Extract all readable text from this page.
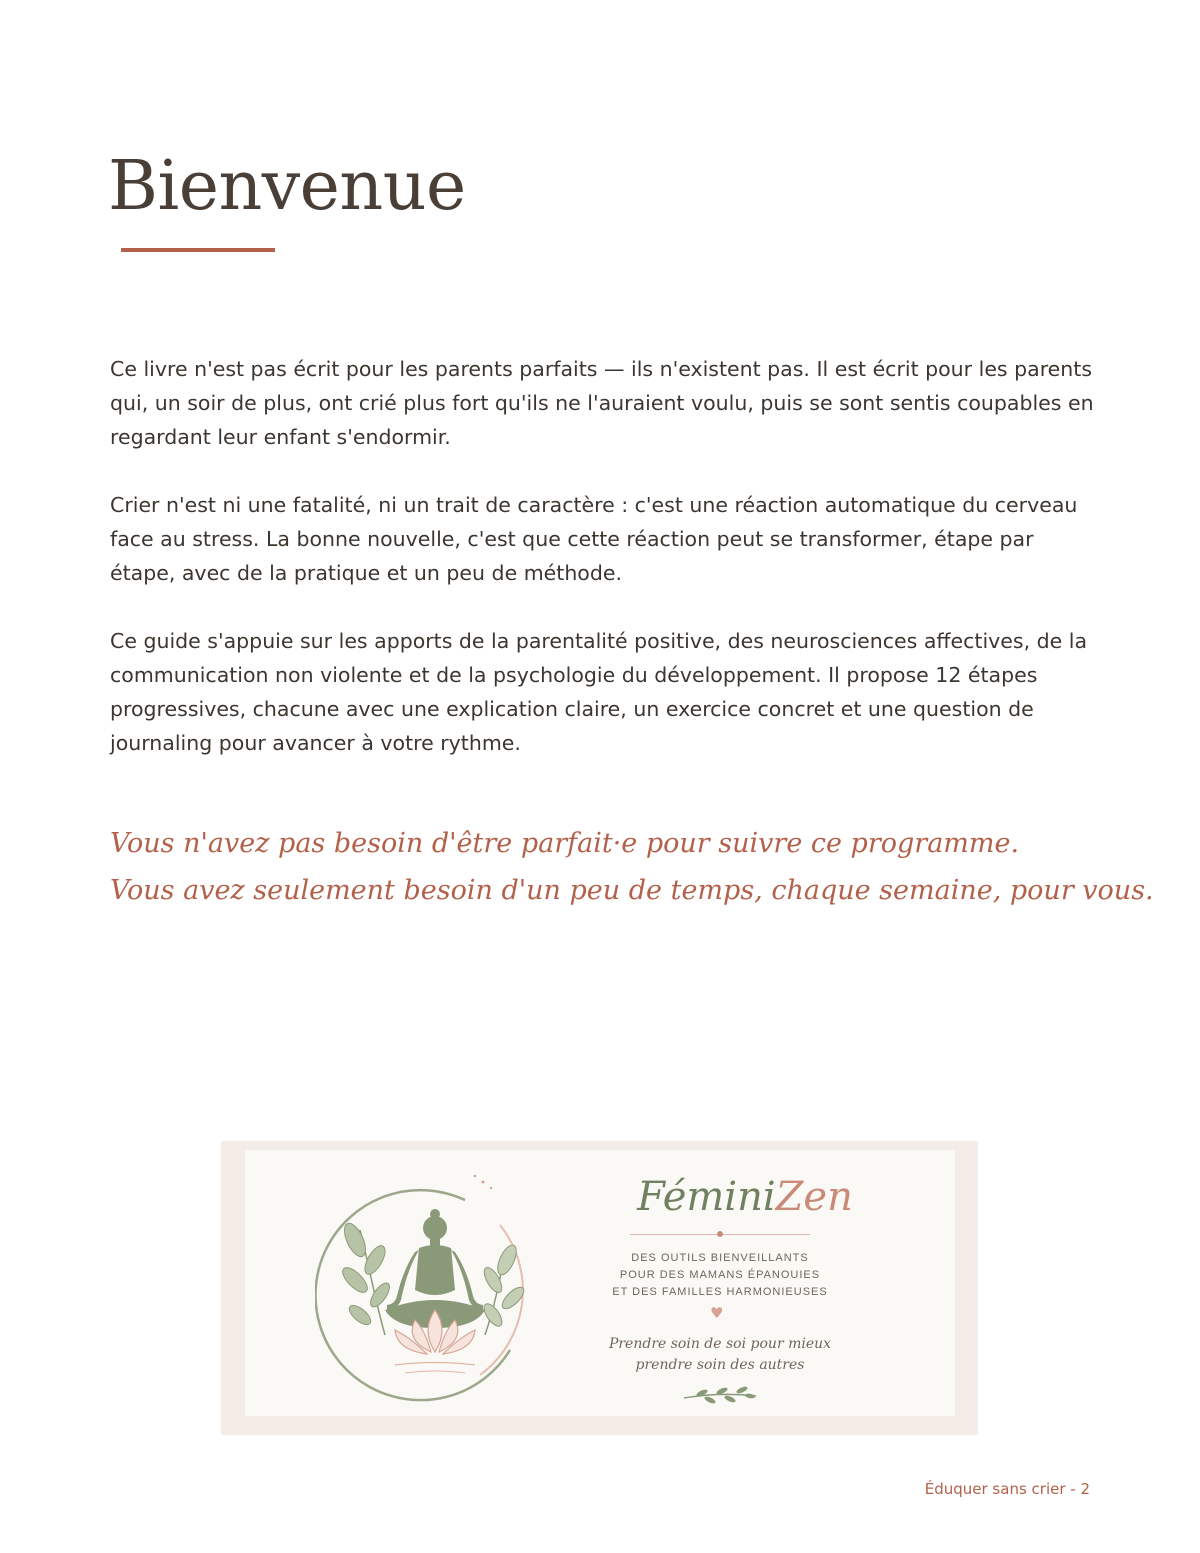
Bienvenue

Ce livre n'est pas écrit pour les parents parfaits — ils n'existent pas. Il est écrit pour les parents qui, un soir de plus, ont crié plus fort qu'ils ne l'auraient voulu, puis se sont sentis coupables en regardant leur enfant s'endormir.

Crier n'est ni une fatalité, ni un trait de caractère : c'est une réaction automatique du cerveau face au stress. La bonne nouvelle, c'est que cette réaction peut se transformer, étape par étape, avec de la pratique et un peu de méthode.

Ce guide s'appuie sur les apports de la parentalité positive, des neurosciences affectives, de la communication non violente et de la psychologie du développement. Il propose 12 étapes progressives, chacune avec une explication claire, un exercice concret et une question de journaling pour avancer à votre rythme.

Vous n'avez pas besoin d'être parfait·e pour suivre ce programme.
Vous avez seulement besoin d'un peu de temps, chaque semaine, pour vous.
FéminiZen
DES OUTILS BIENVEILLANTS
POUR DES MAMANS ÉPANOUIES
ET DES FAMILLES HARMONIEUSES
♥
Prendre soin de soi pour mieux
prendre soin des autres
Éduquer sans crier - 2
